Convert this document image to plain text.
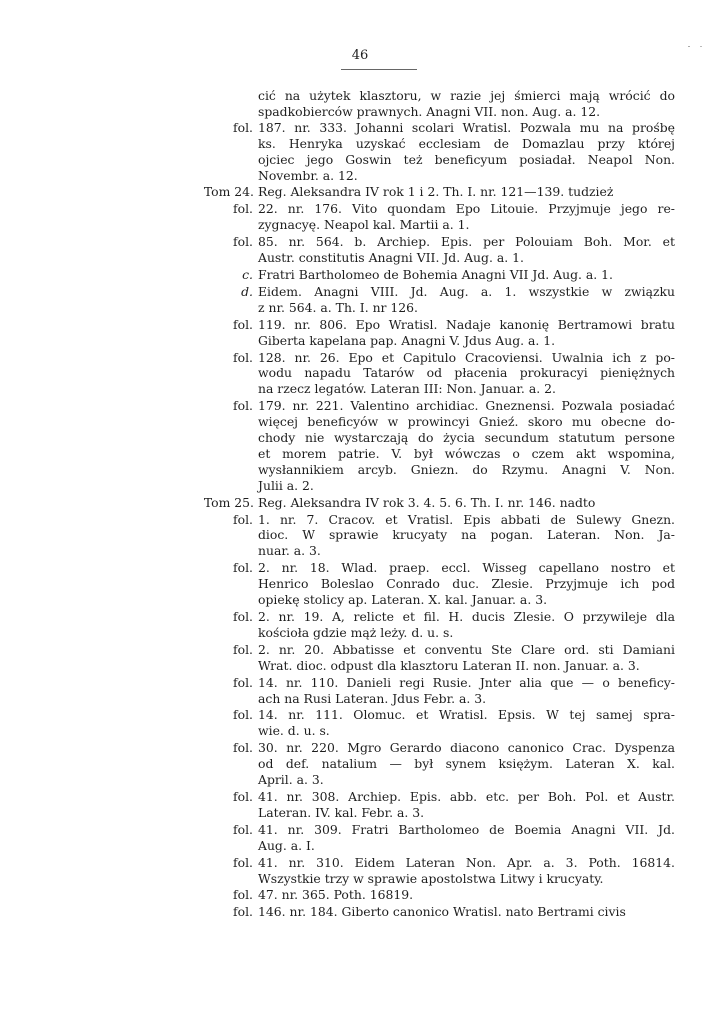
46
cić na użytek klasztoru, w razie jej śmierci mają wrócić do
spadkobierców prawnych. Anagni VII. non. Aug. a. 12.
fol. 187. nr. 333. Johanni scolari Wratisl. Pozwala mu na prośbę
ks. Henryka uzyskać ecclesiam de Domazlau przy której
ojciec jego Goswin też beneficyum posiadał. Neapol Non.
Novembr. a. 12.
Tom 24. Reg. Aleksandra IV rok 1 i 2. Th. I. nr. 121—139. tudzież
fol. 22. nr. 176. Vito quondam Epo Litouie. Przyjmuje jego re-
zygnacyę. Neapol kal. Martii a. 1.
fol. 85. nr. 564. b. Archiep. Epis. per Polouiam Boh. Mor. et
Austr. constitutis Anagni VII. Jd. Aug. a. 1.
c. Fratri Bartholomeo de Bohemia Anagni VII Jd. Aug. a. 1.
d. Eidem. Anagni VIII. Jd. Aug. a. 1. wszystkie w związku
z nr. 564. a. Th. I. nr 126.
fol. 119. nr. 806. Epo Wratisl. Nadaje kanonię Bertramowi bratu
Giberta kapelana pap. Anagni V. Jdus Aug. a. 1.
fol. 128. nr. 26. Epo et Capitulo Cracoviensi. Uwalnia ich z po-
wodu napadu Tatarów od płacenia prokuracyi pieniężnych
na rzecz legatów. Lateran III: Non. Januar. a. 2.
fol. 179. nr. 221. Valentino archidiac. Gneznensi. Pozwala posiadać
więcej beneficyów w prowincyi Gnieź. skoro mu obecne do-
chody nie wystarczają do życia secundum statutum persone
et morem patrie. V. był wówczas o czem akt wspomina,
wysłannikiem arcyb. Gniezn. do Rzymu. Anagni V. Non.
Julii a. 2.
Tom 25. Reg. Aleksandra IV rok 3. 4. 5. 6. Th. I. nr. 146. nadto
fol. 1. nr. 7. Cracov. et Vratisl. Epis abbati de Sulewy Gnezn.
dioc. W sprawie krucyaty na pogan. Lateran. Non. Ja-
nuar. a. 3.
fol. 2. nr. 18. Wlad. praep. eccl. Wisseg capellano nostro et
Henrico Boleslao Conrado duc. Zlesie. Przyjmuje ich pod
opiekę stolicy ap. Lateran. X. kal. Januar. a. 3.
fol. 2. nr. 19. A, relicte et fil. H. ducis Zlesie. O przywileje dla
kościoła gdzie mąż leży. d. u. s.
fol. 2. nr. 20. Abbatisse et conventu Ste Clare ord. sti Damiani
Wrat. dioc. odpust dla klasztoru Lateran II. non. Januar. a. 3.
fol. 14. nr. 110. Danieli regi Rusie. Jnter alia que — o beneficy-
ach na Rusi Lateran. Jdus Febr. a. 3.
fol. 14. nr. 111. Olomuc. et Wratisl. Epsis. W tej samej spra-
wie. d. u. s.
fol. 30. nr. 220. Mgro Gerardo diacono canonico Crac. Dyspenza
od def. natalium — był synem księżym. Lateran X. kal.
April. a. 3.
fol. 41. nr. 308. Archiep. Epis. abb. etc. per Boh. Pol. et Austr.
Lateran. IV. kal. Febr. a. 3.
fol. 41. nr. 309. Fratri Bartholomeo de Boemia Anagni VII. Jd.
Aug. a. I.
fol. 41. nr. 310. Eidem Lateran Non. Apr. a. 3. Poth. 16814.
Wszystkie trzy w sprawie apostolstwa Litwy i krucyaty.
fol. 47. nr. 365. Poth. 16819.
fol. 146. nr. 184. Giberto canonico Wratisl. nato Bertrami civis
